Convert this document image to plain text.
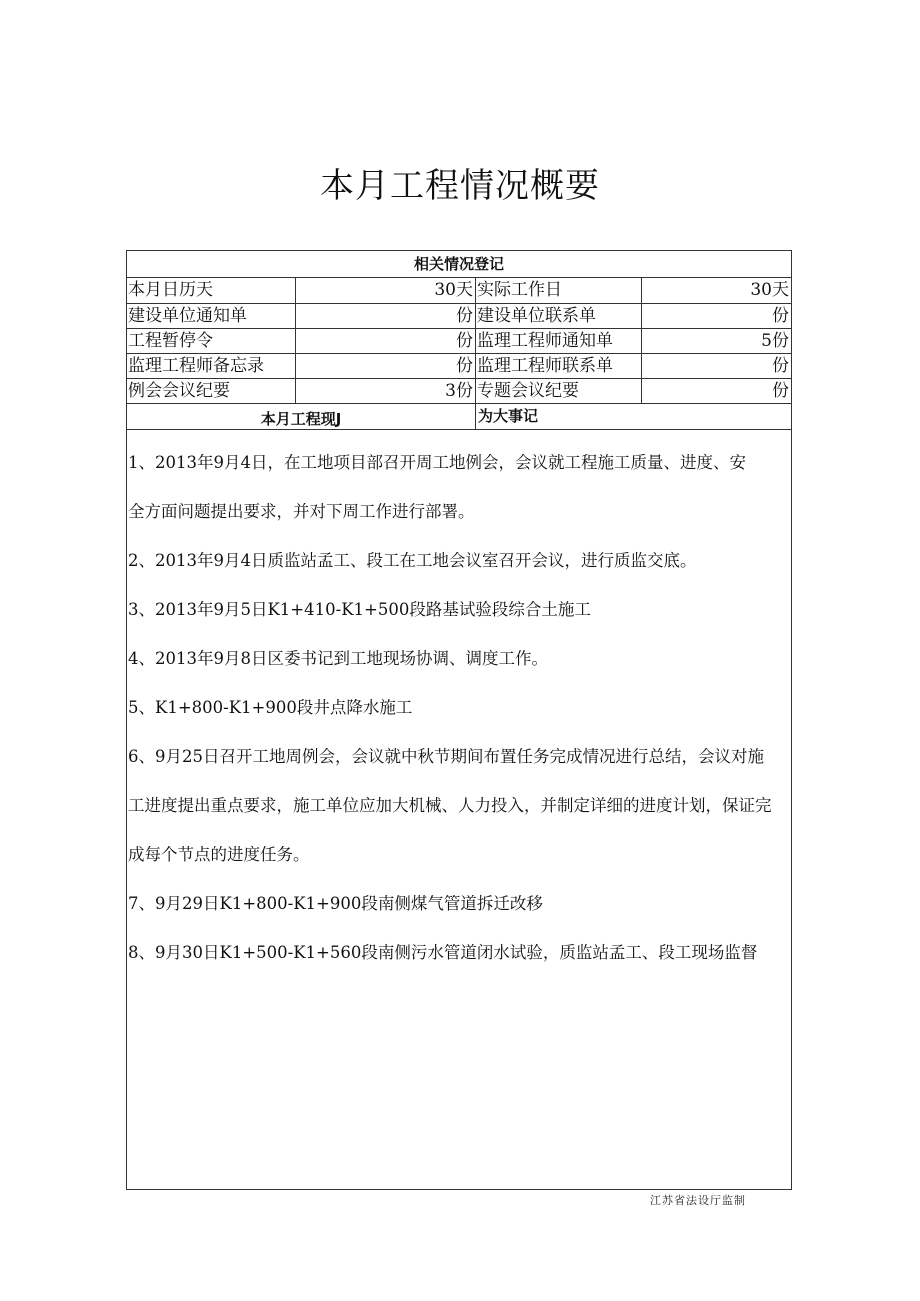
本月工程情况概要
相关情况登记
本月日历天	30天 实际工作日	30天
建设单位通知单	份 建设单位联系单	份
工程暂停令	份 监理工程师通知单	5份
监理工程师备忘录	份 监理工程师联系单	份
例会会议纪要	3份 专题会议纪要	份
本月工程现J	为大事记

1、2013年9月4日，在工地项目部召开周工地例会，会议就工程施工质量、进度、安

全方面问题提出要求，并对下周工作进行部署。

2、2013年9月4日质监站孟工、段工在工地会议室召开会议，进行质监交底。

3、2013年9月5日K1+410-K1+500段路基试验段综合土施工

4、2013年9月8日区委书记到工地现场协调、调度工作。

5、K1+800-K1+900段井点降水施工

6、9月25日召开工地周例会，会议就中秋节期间布置任务完成情况进行总结，会议对施

工进度提出重点要求，施工单位应加大机械、人力投入，并制定详细的进度计划，保证完

成每个节点的进度任务。

7、9月29日K1+800-K1+900段南侧煤气管道拆迁改移

8、9月30日K1+500-K1+560段南侧污水管道闭水试验，质监站孟工、段工现场监督

江苏省法设厅监制
